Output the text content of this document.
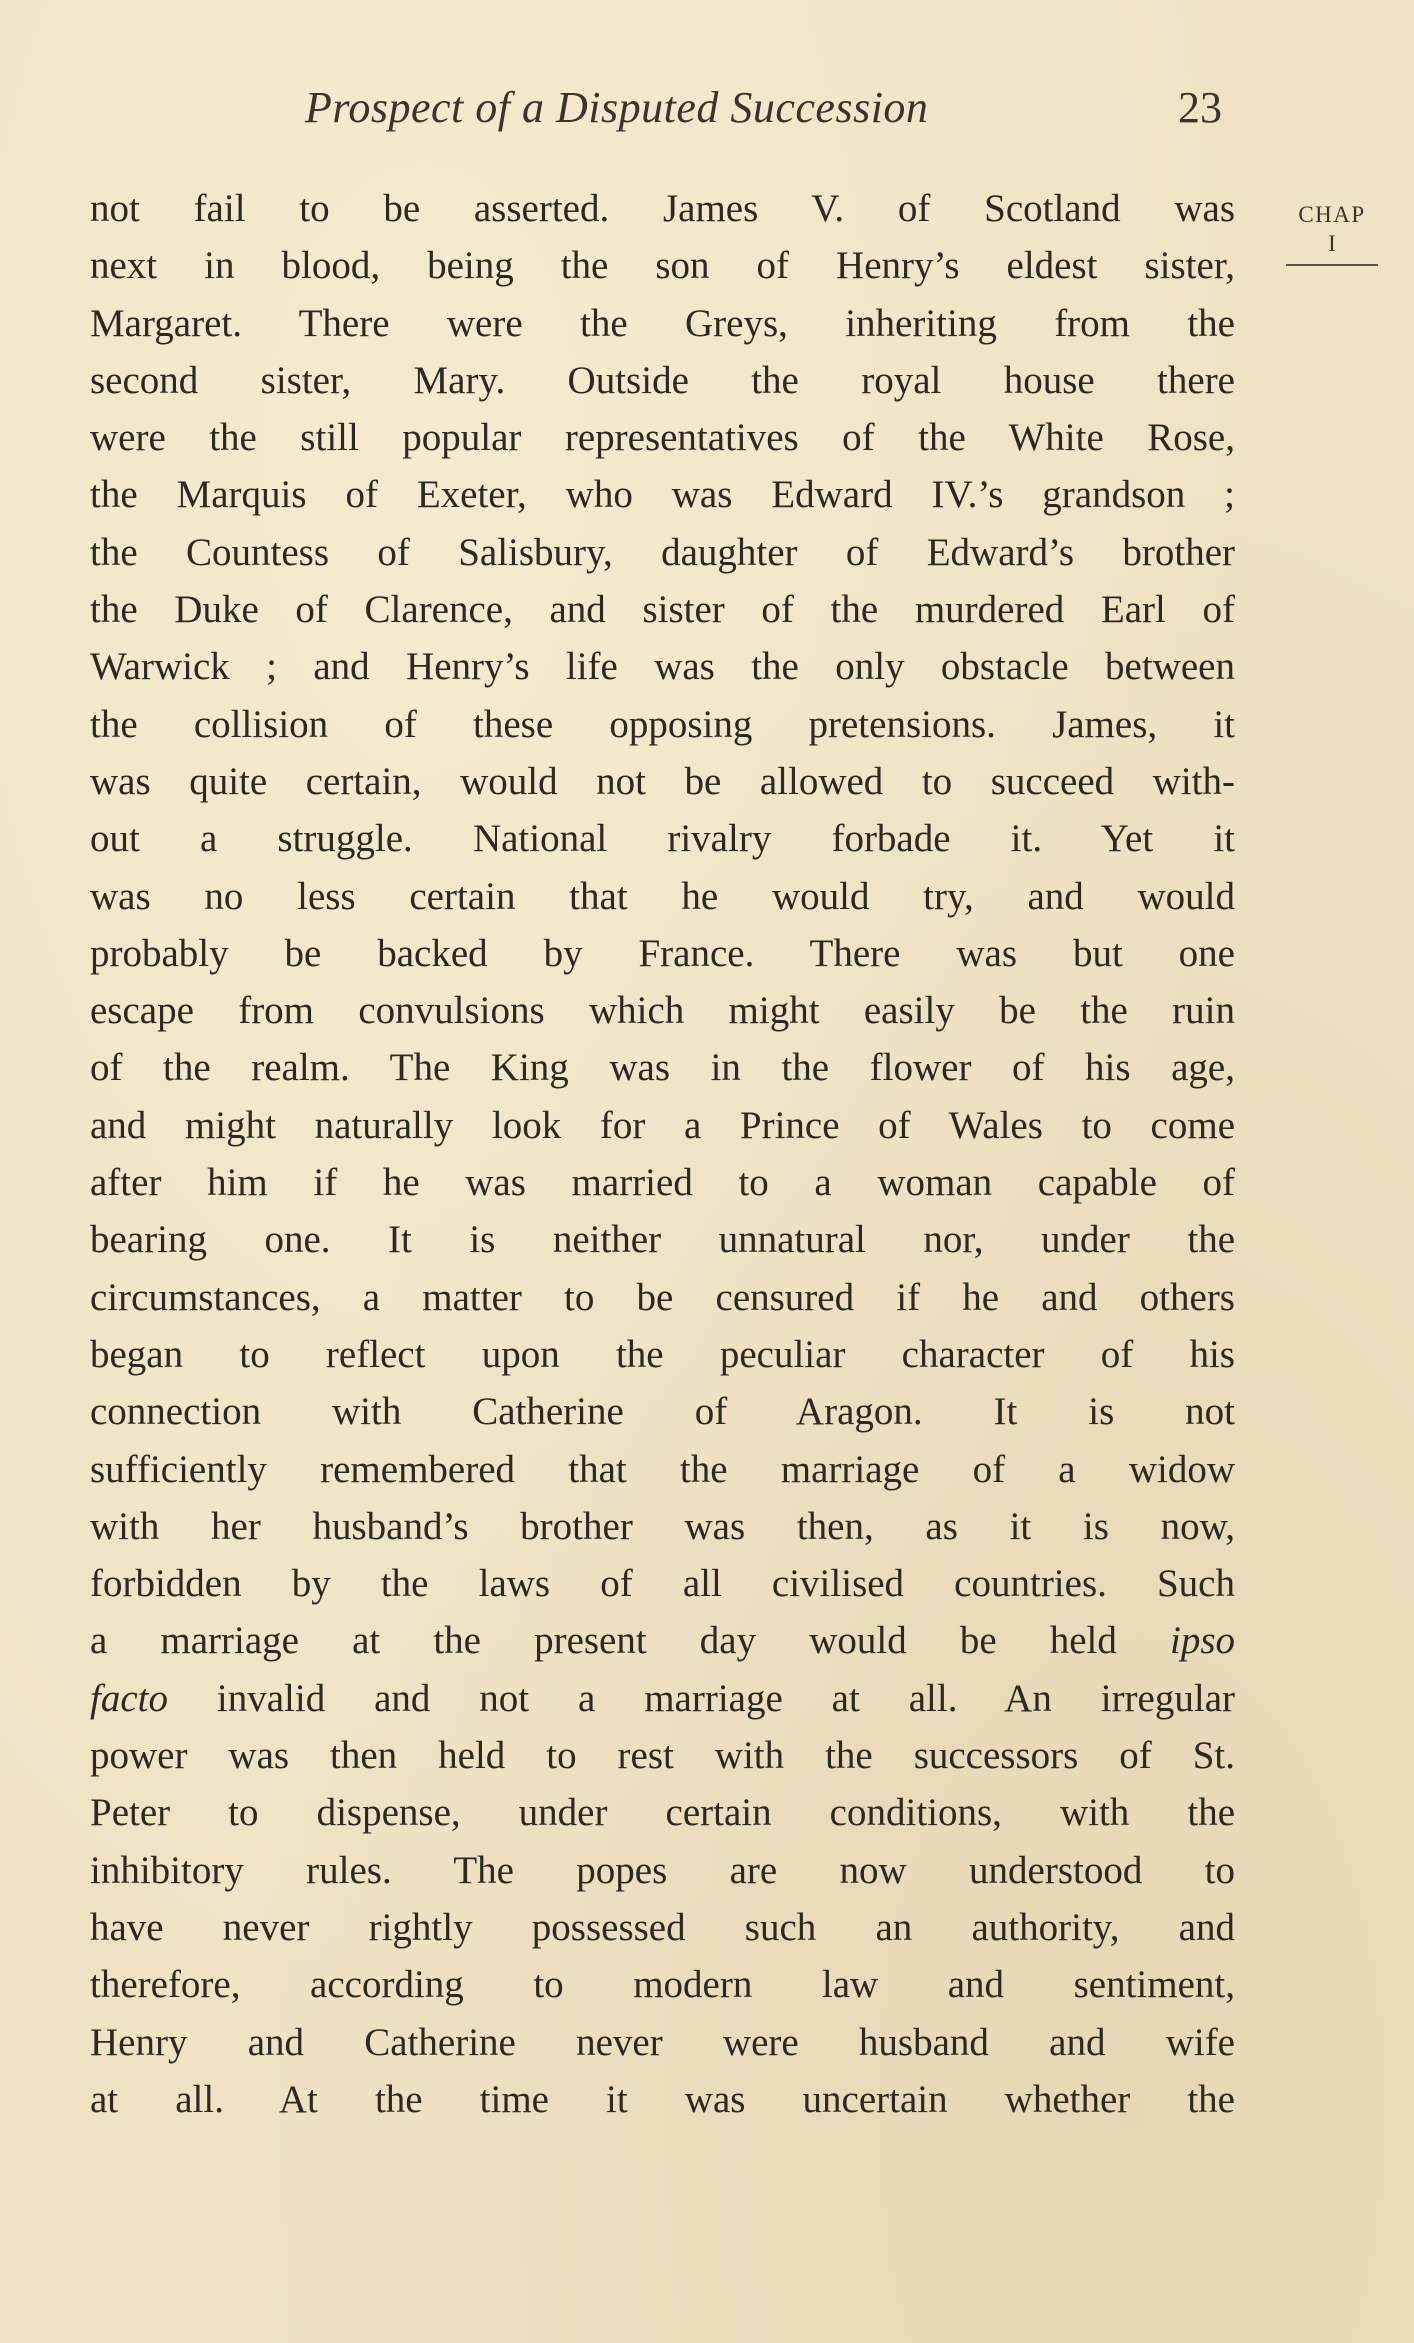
Prospect of a Disputed Succession	23
CHAP
I
not fail to be asserted. James V. of Scotland was
next in blood, being the son of Henry’s eldest sister,
Margaret. There were the Greys, inheriting from the
second sister, Mary. Outside the royal house there
were the still popular representatives of the White Rose,
the Marquis of Exeter, who was Edward IV.’s grandson ;
the Countess of Salisbury, daughter of Edward’s brother
the Duke of Clarence, and sister of the murdered Earl of
Warwick ; and Henry’s life was the only obstacle between
the collision of these opposing pretensions. James, it
was quite certain, would not be allowed to succeed with-
out a struggle. National rivalry forbade it. Yet it
was no less certain that he would try, and would
probably be backed by France. There was but one
escape from convulsions which might easily be the ruin
of the realm. The King was in the flower of his age,
and might naturally look for a Prince of Wales to come
after him if he was married to a woman capable of
bearing one. It is neither unnatural nor, under the
circumstances, a matter to be censured if he and others
began to reflect upon the peculiar character of his
connection with Catherine of Aragon. It is not
sufficiently remembered that the marriage of a widow
with her husband’s brother was then, as it is now,
forbidden by the laws of all civilised countries. Such
a marriage at the present day would be held ipso
facto invalid and not a marriage at all. An irregular
power was then held to rest with the successors of St.
Peter to dispense, under certain conditions, with the
inhibitory rules. The popes are now understood to
have never rightly possessed such an authority, and
therefore, according to modern law and sentiment,
Henry and Catherine never were husband and wife
at all. At the time it was uncertain whether the
